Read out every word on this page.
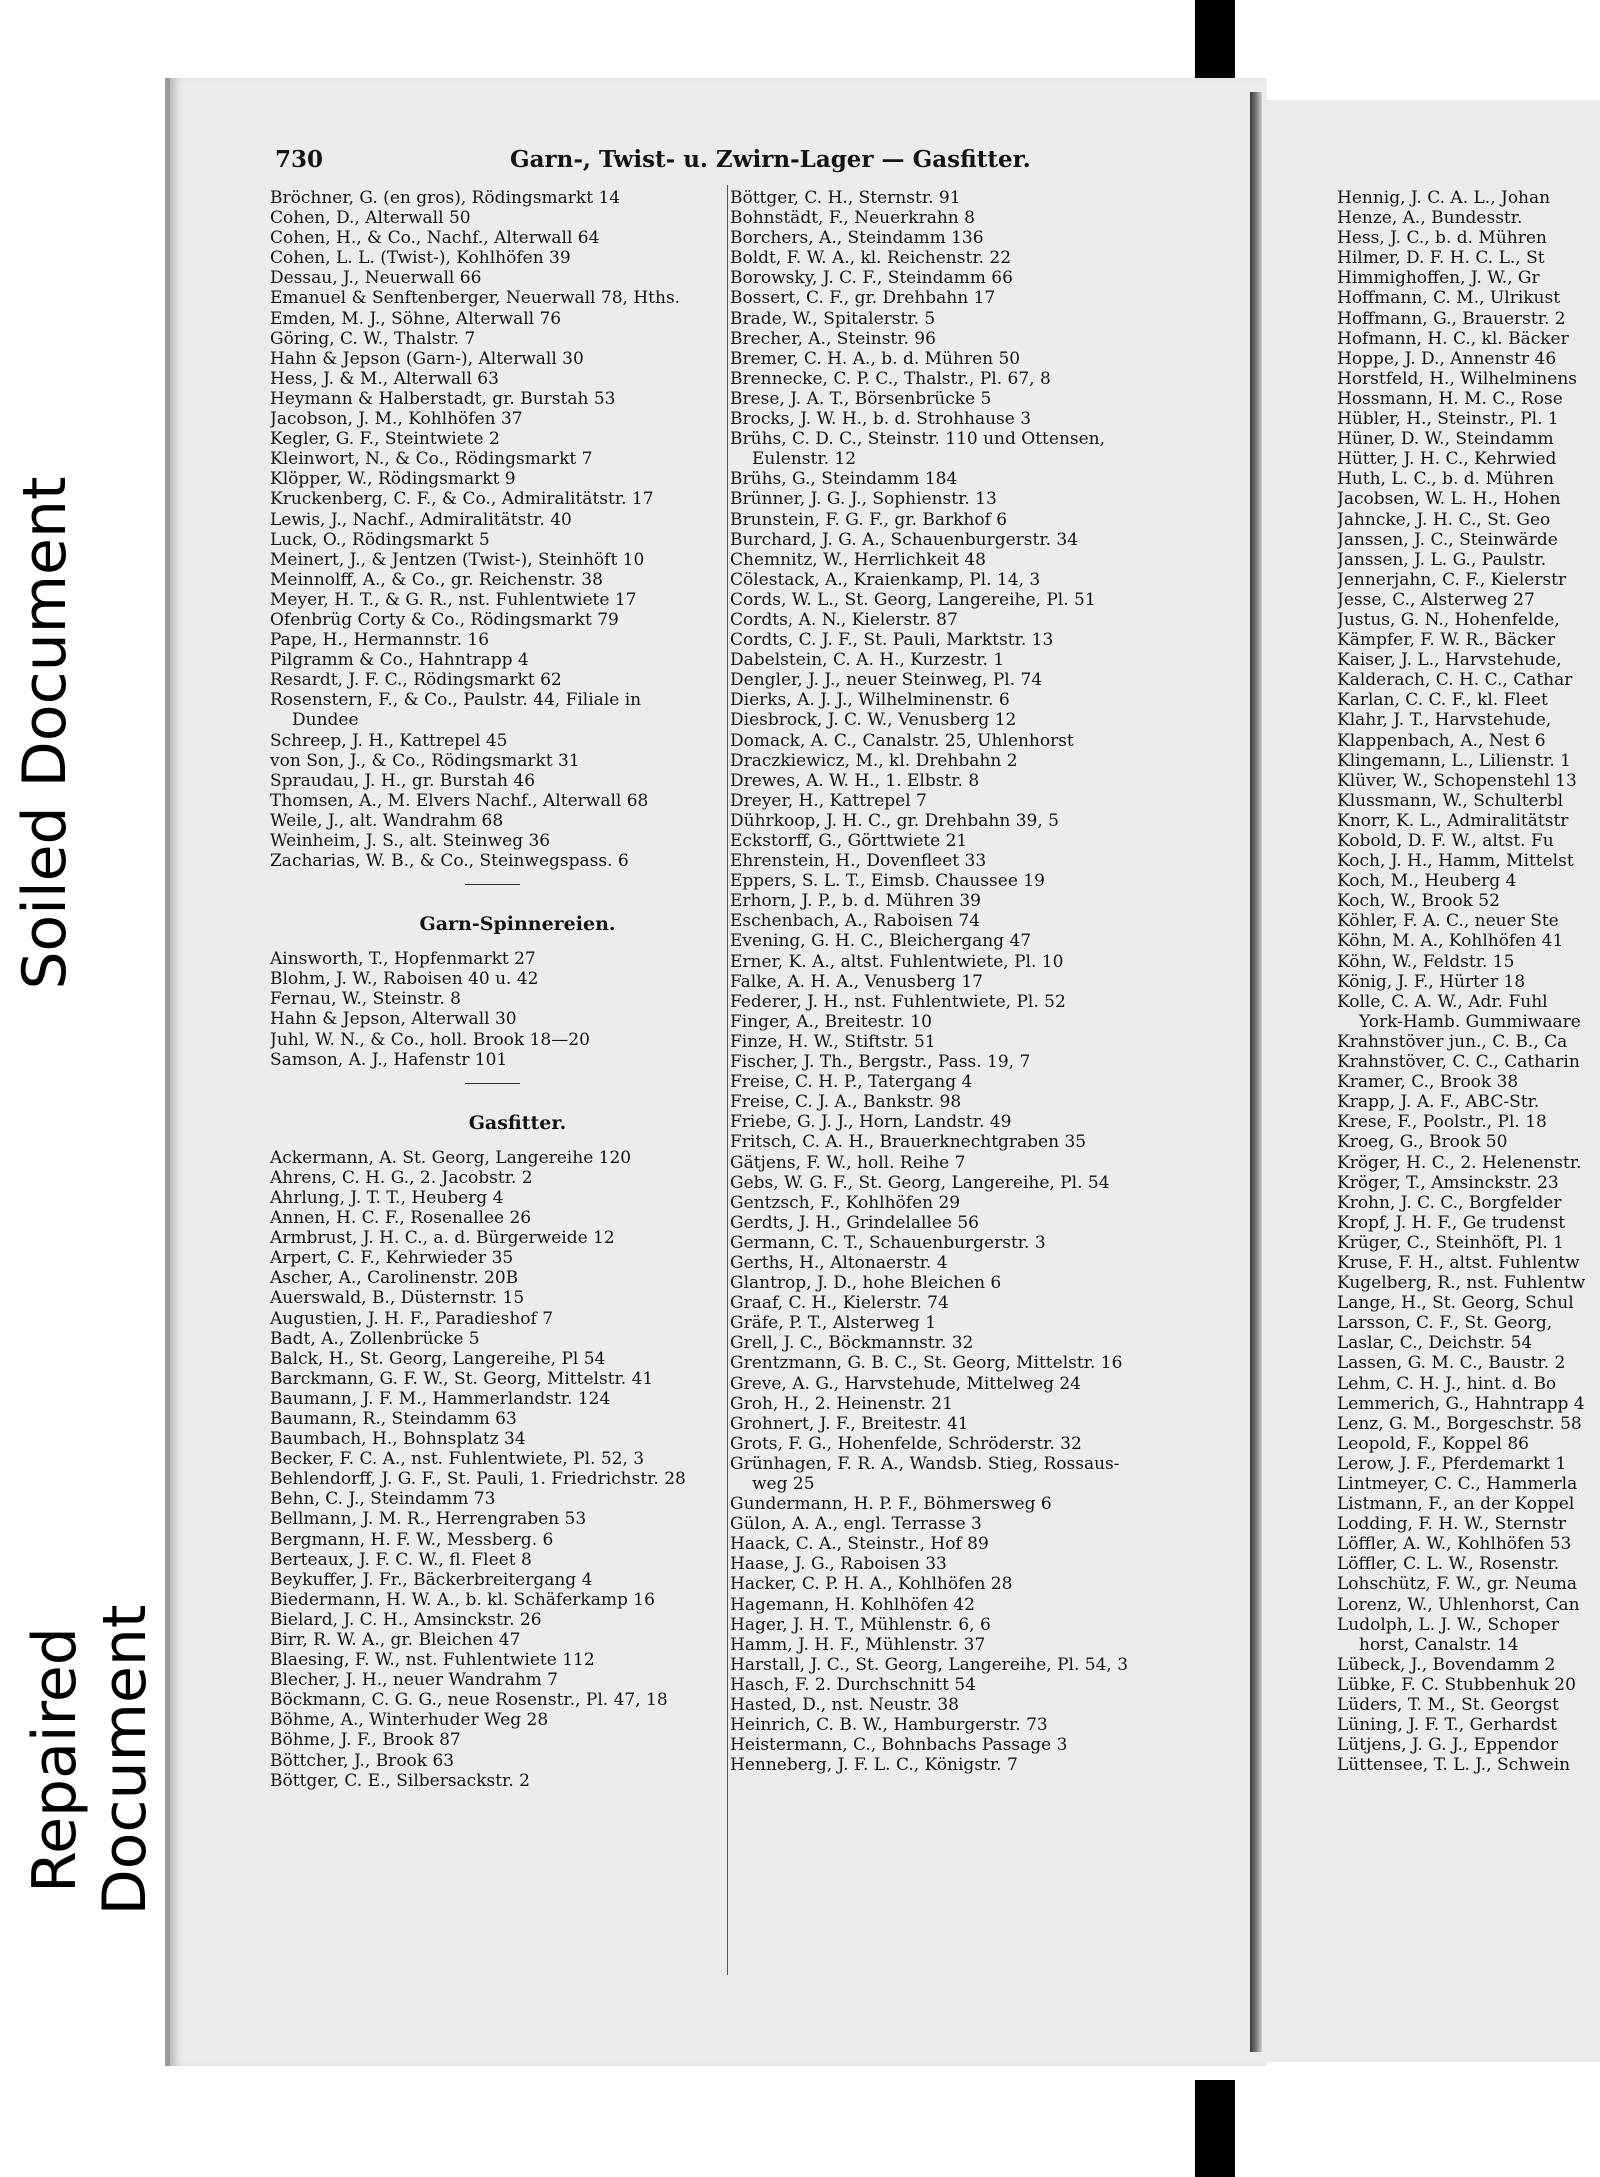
Soiled Document
Repaired Document
730	Garn-, Twist- u. Zwirn-Lager — Gasfitter.
Bröchner, G. (en gros), Rödingsmarkt 14
Cohen, D., Alterwall 50
Cohen, H., & Co., Nachf., Alterwall 64
Cohen, L. L. (Twist-), Kohlhöfen 39
Dessau, J., Neuerwall 66
Emanuel & Senftenberger, Neuerwall 78, Hths.
Emden, M. J., Söhne, Alterwall 76
Göring, C. W., Thalstr. 7
Hahn & Jepson (Garn-), Alterwall 30
Hess, J. & M., Alterwall 63
Heymann & Halberstadt, gr. Burstah 53
Jacobson, J. M., Kohlhöfen 37
Kegler, G. F., Steintwiete 2
Kleinwort, N., & Co., Rödingsmarkt 7
Klöpper, W., Rödingsmarkt 9
Kruckenberg, C. F., & Co., Admiralitätstr. 17
Lewis, J., Nachf., Admiralitätstr. 40
Luck, O., Rödingsmarkt 5
Meinert, J., & Jentzen (Twist-), Steinhöft 10
Meinnolff, A., & Co., gr. Reichenstr. 38
Meyer, H. T., & G. R., nst. Fuhlentwiete 17
Ofenbrüg Corty & Co., Rödingsmarkt 79
Pape, H., Hermannstr. 16
Pilgramm & Co., Hahntrapp 4
Resardt, J. F. C., Rödingsmarkt 62
Rosenstern, F., & Co., Paulstr. 44, Filiale in
Dundee
Schreep, J. H., Kattrepel 45
von Son, J., & Co., Rödingsmarkt 31
Spraudau, J. H., gr. Burstah 46
Thomsen, A., M. Elvers Nachf., Alterwall 68
Weile, J., alt. Wandrahm 68
Weinheim, J. S., alt. Steinweg 36
Zacharias, W. B., & Co., Steinwegspass. 6
Garn-Spinnereien.
Ainsworth, T., Hopfenmarkt 27
Blohm, J. W., Raboisen 40 u. 42
Fernau, W., Steinstr. 8
Hahn & Jepson, Alterwall 30
Juhl, W. N., & Co., holl. Brook 18—20
Samson, A. J., Hafenstr 101
Gasfitter.
Ackermann, A. St. Georg, Langereihe 120
Ahrens, C. H. G., 2. Jacobstr. 2
Ahrlung, J. T. T., Heuberg 4
Annen, H. C. F., Rosenallee 26
Armbrust, J. H. C., a. d. Bürgerweide 12
Arpert, C. F., Kehrwieder 35
Ascher, A., Carolinenstr. 20B
Auerswald, B., Düsternstr. 15
Augustien, J. H. F., Paradieshof 7
Badt, A., Zollenbrücke 5
Balck, H., St. Georg, Langereihe, Pl 54
Barckmann, G. F. W., St. Georg, Mittelstr. 41
Baumann, J. F. M., Hammerlandstr. 124
Baumann, R., Steindamm 63
Baumbach, H., Bohnsplatz 34
Becker, F. C. A., nst. Fuhlentwiete, Pl. 52, 3
Behlendorff, J. G. F., St. Pauli, 1. Friedrichstr. 28
Behn, C. J., Steindamm 73
Bellmann, J. M. R., Herrengraben 53
Bergmann, H. F. W., Messberg. 6
Berteaux, J. F. C. W., fl. Fleet 8
Beykuffer, J. Fr., Bäckerbreitergang 4
Biedermann, H. W. A., b. kl. Schäferkamp 16
Bielard, J. C. H., Amsinckstr. 26
Birr, R. W. A., gr. Bleichen 47
Blaesing, F. W., nst. Fuhlentwiete 112
Blecher, J. H., neuer Wandrahm 7
Böckmann, C. G. G., neue Rosenstr., Pl. 47, 18
Böhme, A., Winterhuder Weg 28
Böhme, J. F., Brook 87
Böttcher, J., Brook 63
Böttger, C. E., Silbersackstr. 2
Böttger, C. H., Sternstr. 91
Bohnstädt, F., Neuerkrahn 8
Borchers, A., Steindamm 136
Boldt, F. W. A., kl. Reichenstr. 22
Borowsky, J. C. F., Steindamm 66
Bossert, C. F., gr. Drehbahn 17
Brade, W., Spitalerstr. 5
Brecher, A., Steinstr. 96
Bremer, C. H. A., b. d. Mühren 50
Brennecke, C. P. C., Thalstr., Pl. 67, 8
Brese, J. A. T., Börsenbrücke 5
Brocks, J. W. H., b. d. Strohhause 3
Brühs, C. D. C., Steinstr. 110 und Ottensen,
Eulenstr. 12
Brühs, G., Steindamm 184
Brünner, J. G. J., Sophienstr. 13
Brunstein, F. G. F., gr. Barkhof 6
Burchard, J. G. A., Schauenburgerstr. 34
Chemnitz, W., Herrlichkeit 48
Cölestack, A., Kraienkamp, Pl. 14, 3
Cords, W. L., St. Georg, Langereihe, Pl. 51
Cordts, A. N., Kielerstr. 87
Cordts, C. J. F., St. Pauli, Marktstr. 13
Dabelstein, C. A. H., Kurzestr. 1
Dengler, J. J., neuer Steinweg, Pl. 74
Dierks, A. J. J., Wilhelminenstr. 6
Diesbrock, J. C. W., Venusberg 12
Domack, A. C., Canalstr. 25, Uhlenhorst
Draczkiewicz, M., kl. Drehbahn 2
Drewes, A. W. H., 1. Elbstr. 8
Dreyer, H., Kattrepel 7
Dührkoop, J. H. C., gr. Drehbahn 39, 5
Eckstorff, G., Görttwiete 21
Ehrenstein, H., Dovenfleet 33
Eppers, S. L. T., Eimsb. Chaussee 19
Erhorn, J. P., b. d. Mühren 39
Eschenbach, A., Raboisen 74
Evening, G. H. C., Bleichergang 47
Erner, K. A., altst. Fuhlentwiete, Pl. 10
Falke, A. H. A., Venusberg 17
Federer, J. H., nst. Fuhlentwiete, Pl. 52
Finger, A., Breitestr. 10
Finze, H. W., Stiftstr. 51
Fischer, J. Th., Bergstr., Pass. 19, 7
Freise, C. H. P., Tatergang 4
Freise, C. J. A., Bankstr. 98
Friebe, G. J. J., Horn, Landstr. 49
Fritsch, C. A. H., Brauerknechtgraben 35
Gätjens, F. W., holl. Reihe 7
Gebs, W. G. F., St. Georg, Langereihe, Pl. 54
Gentzsch, F., Kohlhöfen 29
Gerdts, J. H., Grindelallee 56
Germann, C. T., Schauenburgerstr. 3
Gerths, H., Altonaerstr. 4
Glantrop, J. D., hohe Bleichen 6
Graaf, C. H., Kielerstr. 74
Gräfe, P. T., Alsterweg 1
Grell, J. C., Böckmannstr. 32
Grentzmann, G. B. C., St. Georg, Mittelstr. 16
Greve, A. G., Harvstehude, Mittelweg 24
Groh, H., 2. Heinenstr. 21
Grohnert, J. F., Breitestr. 41
Grots, F. G., Hohenfelde, Schröderstr. 32
Grünhagen, F. R. A., Wandsb. Stieg, Rossaus-
weg 25
Gundermann, H. P. F., Böhmersweg 6
Gülon, A. A., engl. Terrasse 3
Haack, C. A., Steinstr., Hof 89
Haase, J. G., Raboisen 33
Hacker, C. P. H. A., Kohlhöfen 28
Hagemann, H. Kohlhöfen 42
Hager, J. H. T., Mühlenstr. 6, 6
Hamm, J. H. F., Mühlenstr. 37
Harstall, J. C., St. Georg, Langereihe, Pl. 54, 3
Hasch, F. 2. Durchschnitt 54
Hasted, D., nst. Neustr. 38
Heinrich, C. B. W., Hamburgerstr. 73
Heistermann, C., Bohnbachs Passage 3
Henneberg, J. F. L. C., Königstr. 7
Hennig, J. C. A. L., Johan
Henze, A., Bundesstr.
Hess, J. C., b. d. Mühren
Hilmer, D. F. H. C. L., St
Himmighoffen, J. W., Gr
Hoffmann, C. M., Ulrikust
Hoffmann, G., Brauerstr. 2
Hofmann, H. C., kl. Bäcker
Hoppe, J. D., Annenstr 46
Horstfeld, H., Wilhelminens
Hossmann, H. M. C., Rose
Hübler, H., Steinstr., Pl. 1
Hüner, D. W., Steindamm
Hütter, J. H. C., Kehrwied
Huth, L. C., b. d. Mühren
Jacobsen, W. L. H., Hohen
Jahncke, J. H. C., St. Geo
Janssen, J. C., Steinwärde
Janssen, J. L. G., Paulstr.
Jennerjahn, C. F., Kielerstr
Jesse, C., Alsterweg 27
Justus, G. N., Hohenfelde,
Kämpfer, F. W. R., Bäcker
Kaiser, J. L., Harvstehude,
Kalderach, C. H. C., Cathar
Karlan, C. C. F., kl. Fleet
Klahr, J. T., Harvstehude,
Klappenbach, A., Nest 6
Klingemann, L., Lilienstr. 1
Klüver, W., Schopenstehl 13
Klussmann, W., Schulterbl
Knorr, K. L., Admiralitätstr
Kobold, D. F. W., altst. Fu
Koch, J. H., Hamm, Mittelst
Koch, M., Heuberg 4
Koch, W., Brook 52
Köhler, F. A. C., neuer Ste
Köhn, M. A., Kohlhöfen 41
Köhn, W., Feldstr. 15
König, J. F., Hürter 18
Kolle, C. A. W., Adr. Fuhl
York-Hamb. Gummiwaare
Krahnstöver jun., C. B., Ca
Krahnstöver, C. C., Catharin
Kramer, C., Brook 38
Krapp, J. A. F., ABC-Str.
Krese, F., Poolstr., Pl. 18
Kroeg, G., Brook 50
Kröger, H. C., 2. Helenenstr.
Kröger, T., Amsinckstr. 23
Krohn, J. C. C., Borgfelder
Kropf, J. H. F., Ge trudenst
Krüger, C., Steinhöft, Pl. 1
Kruse, F. H., altst. Fuhlentw
Kugelberg, R., nst. Fuhlentw
Lange, H., St. Georg, Schul
Larsson, C. F., St. Georg,
Laslar, C., Deichstr. 54
Lassen, G. M. C., Baustr. 2
Lehm, C. H. J., hint. d. Bo
Lemmerich, G., Hahntrapp 4
Lenz, G. M., Borgeschstr. 58
Leopold, F., Koppel 86
Lerow, J. F., Pferdemarkt 1
Lintmeyer, C. C., Hammerla
Listmann, F., an der Koppel
Lodding, F. H. W., Sternstr
Löffler, A. W., Kohlhöfen 53
Löffler, C. L. W., Rosenstr.
Lohschütz, F. W., gr. Neuma
Lorenz, W., Uhlenhorst, Can
Ludolph, L. J. W., Schoper
horst, Canalstr. 14
Lübeck, J., Bovendamm 2
Lübke, F. C. Stubbenhuk 20
Lüders, T. M., St. Georgst
Lüning, J. F. T., Gerhardst
Lütjens, J. G. J., Eppendor
Lüttensee, T. L. J., Schwein
